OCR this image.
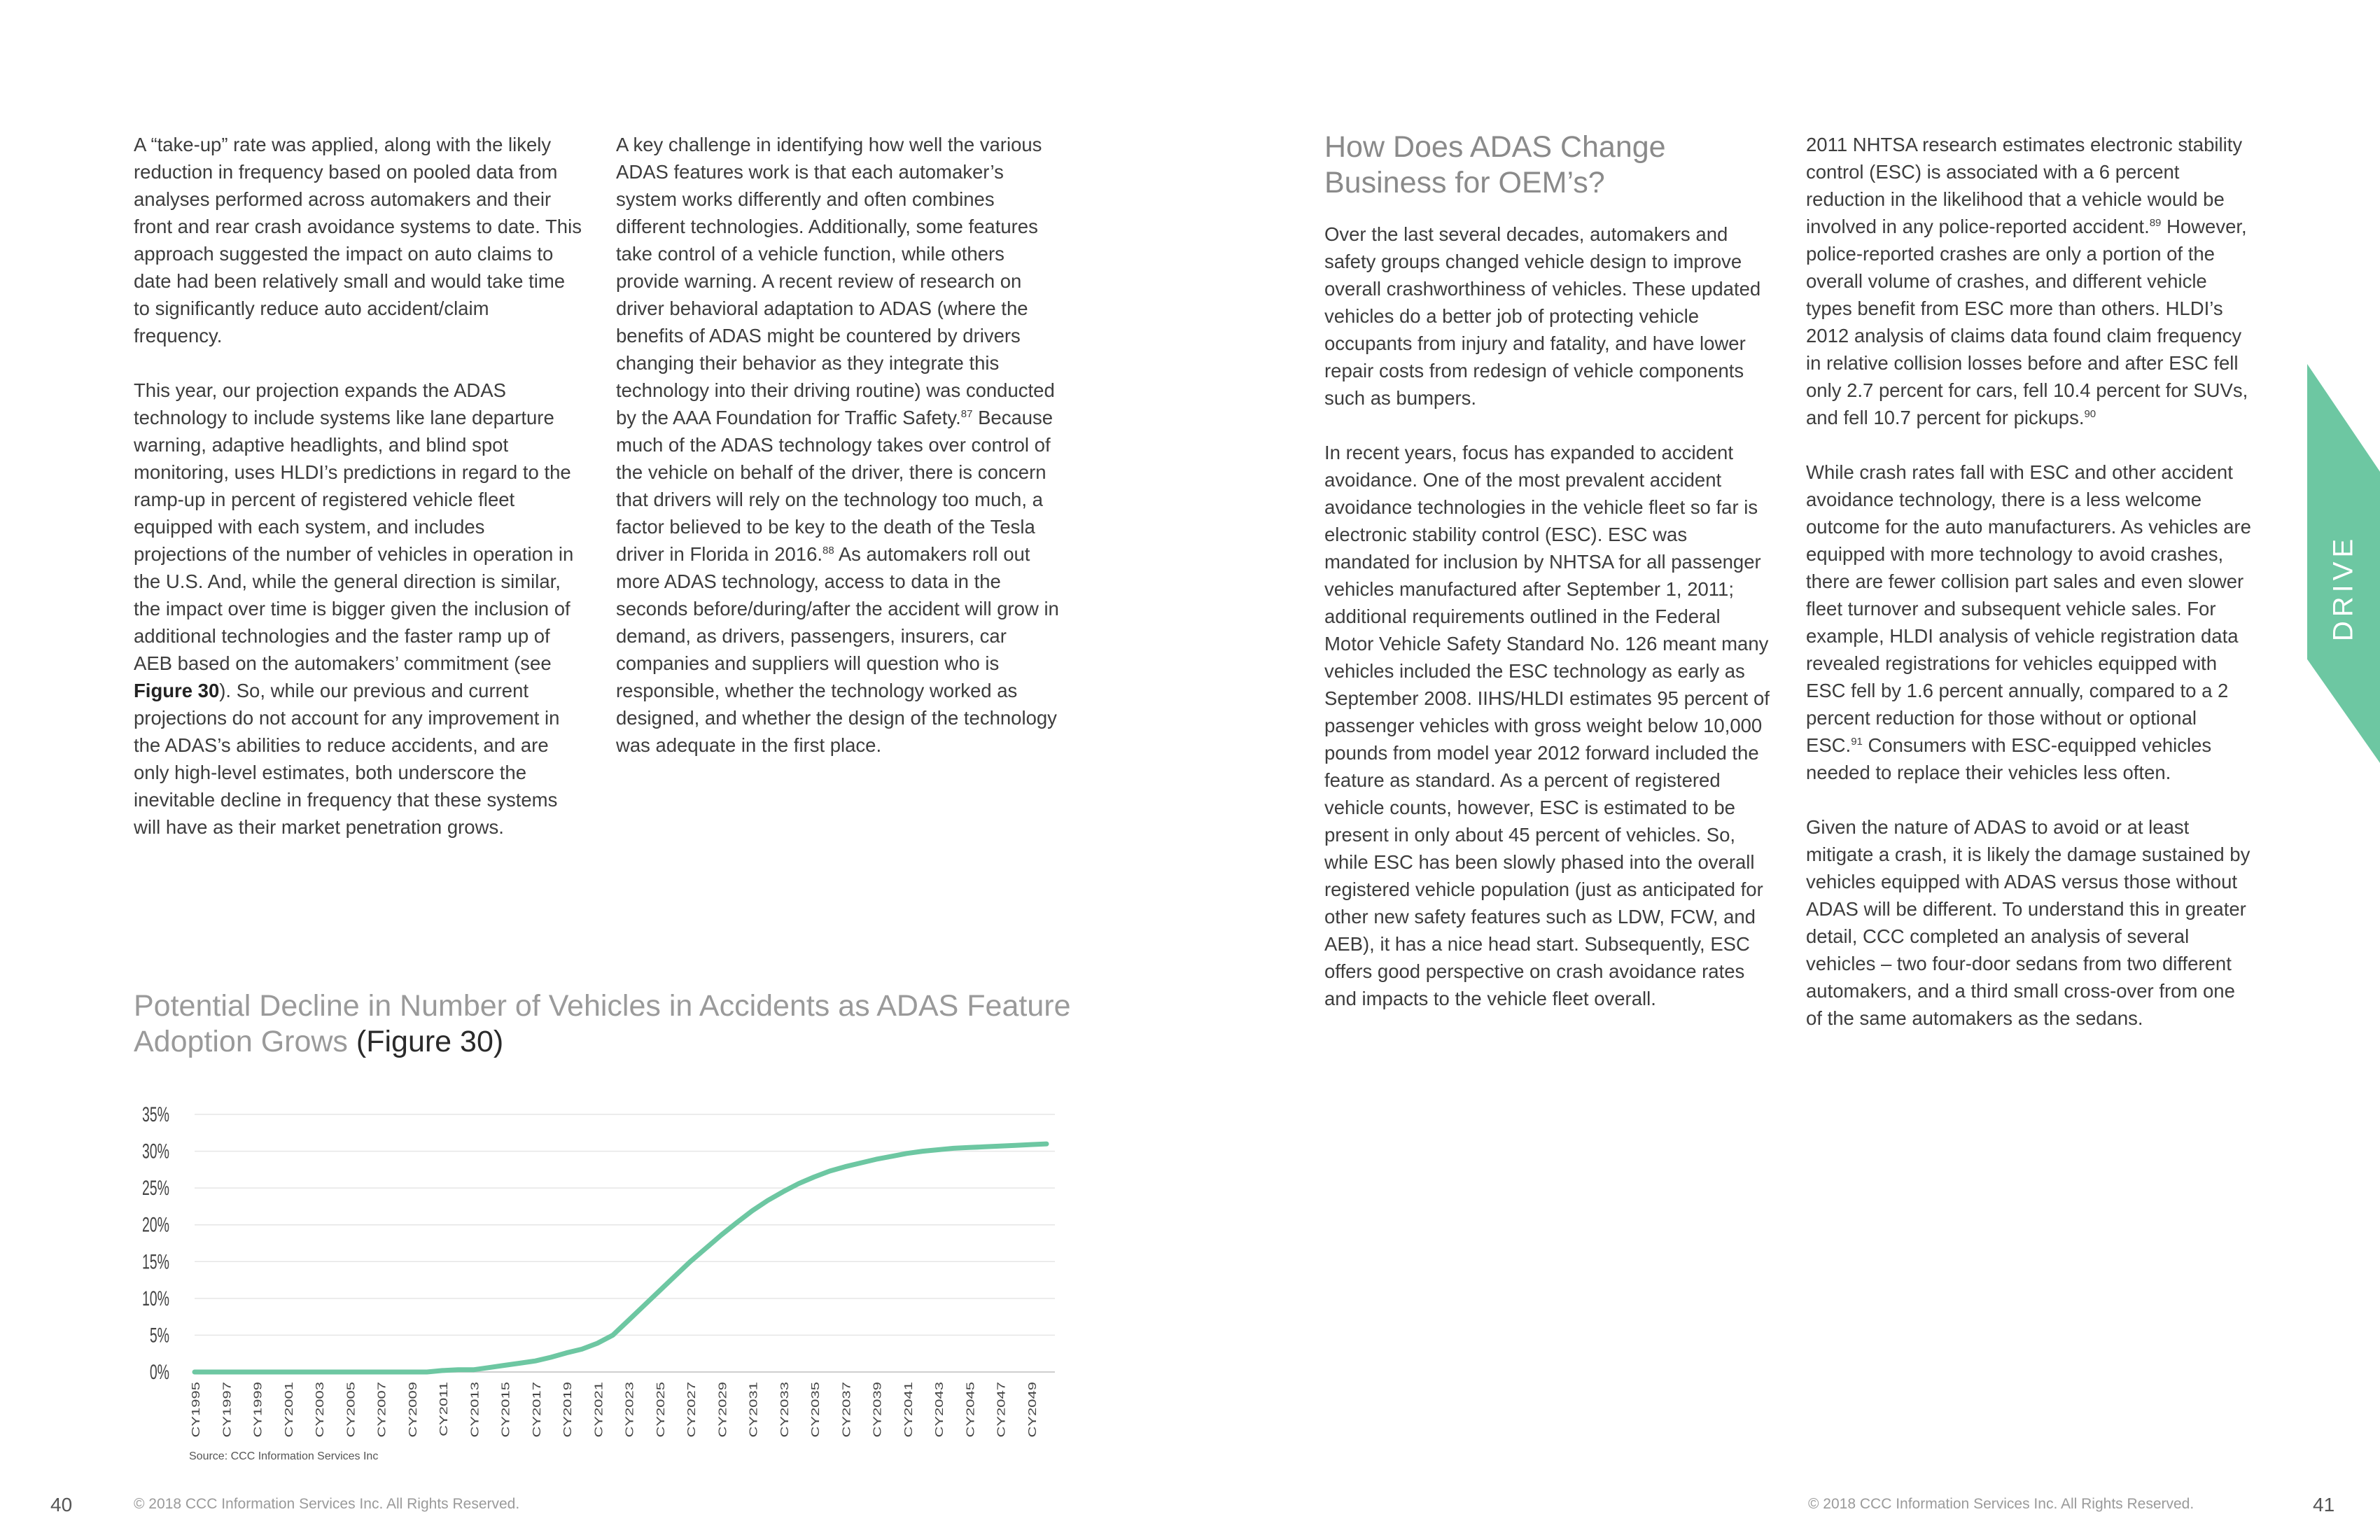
A “take-up” rate was applied, along with the likely reduction in frequency based on pooled data from analyses performed across automakers and their front and rear crash avoidance systems to date. This approach suggested the impact on auto claims to date had been relatively small and would take time to significantly reduce auto accident/claim frequency.

This year, our projection expands the ADAS technology to include systems like lane departure warning, adaptive headlights, and blind spot monitoring, uses HLDI’s predictions in regard to the ramp-up in percent of registered vehicle fleet equipped with each system, and includes projections of the number of vehicles in operation in the U.S. And, while the general direction is similar, the impact over time is bigger given the inclusion of additional technologies and the faster ramp up of AEB based on the automakers’ commitment (see Figure 30). So, while our previous and current projections do not account for any improvement in the ADAS’s abilities to reduce accidents, and are only high-level estimates, both underscore the inevitable decline in frequency that these systems will have as their market penetration grows.

A key challenge in identifying how well the various ADAS features work is that each automaker’s system works differently and often combines different technologies. Additionally, some features take control of a vehicle function, while others provide warning. A recent review of research on driver behavioral adaptation to ADAS (where the benefits of ADAS might be countered by drivers changing their behavior as they integrate this technology into their driving routine) was conducted by the AAA Foundation for Traffic Safety.$^{87}$ Because much of the ADAS technology takes over control of the vehicle on behalf of the driver, there is concern that drivers will rely on the technology too much, a factor believed to be key to the death of the Tesla driver in Florida in 2016.88 As automakers roll out more ADAS technology, access to data in the seconds before/during/after the accident will grow in demand, as drivers, passengers, insurers, car companies and suppliers will question who is responsible, whether the technology worked as designed, and whether the design of the technology was adequate in the first place.

Potential Decline in Number of Vehicles in Accidents as ADAS Feature Adoption Grows (Figure 30)
35%
30%
25%
20%
15%
10%
5%
0%
CY1995 CY1997 CY1999 CY2001 CY2003 CY2005 CY2007 CY2009 CY2011 CY2013 CY2015 CY2017 CY2019 CY2021 CY2023 CY2025 CY2027 CY2029 CY2031 CY2033 CY2035 CY2037 CY2039 CY2041 CY2043 CY2045 CY2047 CY2049
Source: CCC Information Services Inc
40	© 2018 CCC Information Services Inc. All Rights Reserved.
How Does ADAS Change Business for OEM’s?

Over the last several decades, automakers and safety groups changed vehicle design to improve overall crashworthiness of vehicles. These updated vehicles do a better job of protecting vehicle occupants from injury and fatality, and have lower repair costs from redesign of vehicle components such as bumpers.

In recent years, focus has expanded to accident avoidance. One of the most prevalent accident avoidance technologies in the vehicle fleet so far is electronic stability control (ESC). ESC was mandated for inclusion by NHTSA for all passenger vehicles manufactured after September 1, 2011; additional requirements outlined in the Federal Motor Vehicle Safety Standard No. 126 meant many vehicles included the ESC technology as early as September 2008. IIHS/HLDI estimates 95 percent of passenger vehicles with gross weight below 10,000 pounds from model year 2012 forward included the feature as standard. As a percent of registered vehicle counts, however, ESC is estimated to be present in only about 45 percent of vehicles. So, while ESC has been slowly phased into the overall registered vehicle population (just as anticipated for other new safety features such as LDW, FCW, and AEB), it has a nice head start. Subsequently, ESC offers good perspective on crash avoidance rates and impacts to the vehicle fleet overall.

2011 NHTSA research estimates electronic stability control (ESC) is associated with a 6 percent reduction in the likelihood that a vehicle would be involved in any police-reported accident.$^{89}$ However, police-reported crashes are only a portion of the overall volume of crashes, and different vehicle types benefit from ESC more than others. HLDI’s 2012 analysis of claims data found claim frequency in relative collision losses before and after ESC fell only 2.7 percent for cars, fell 10.4 percent for SUVs, and fell 10.7 percent for pickups.$^{90}$

While crash rates fall with ESC and other accident avoidance technology, there is a less welcome outcome for the auto manufacturers. As vehicles are equipped with more technology to avoid crashes, there are fewer collision part sales and even slower fleet turnover and subsequent vehicle sales. For example, HLDI analysis of vehicle registration data revealed registrations for vehicles equipped with ESC fell by 1.6 percent annually, compared to a 2 percent reduction for those without or optional ESC.$^{91}$ Consumers with ESC-equipped vehicles needed to replace their vehicles less often.

Given the nature of ADAS to avoid or at least mitigate a crash, it is likely the damage sustained by vehicles equipped with ADAS versus those without ADAS will be different. To understand this in greater detail, CCC completed an analysis of several vehicles – two four-door sedans from two different automakers, and a third small cross-over from one of the same automakers as the sedans.

DRIVE
41
© 2018 CCC Information Services Inc. All Rights Reserved.
